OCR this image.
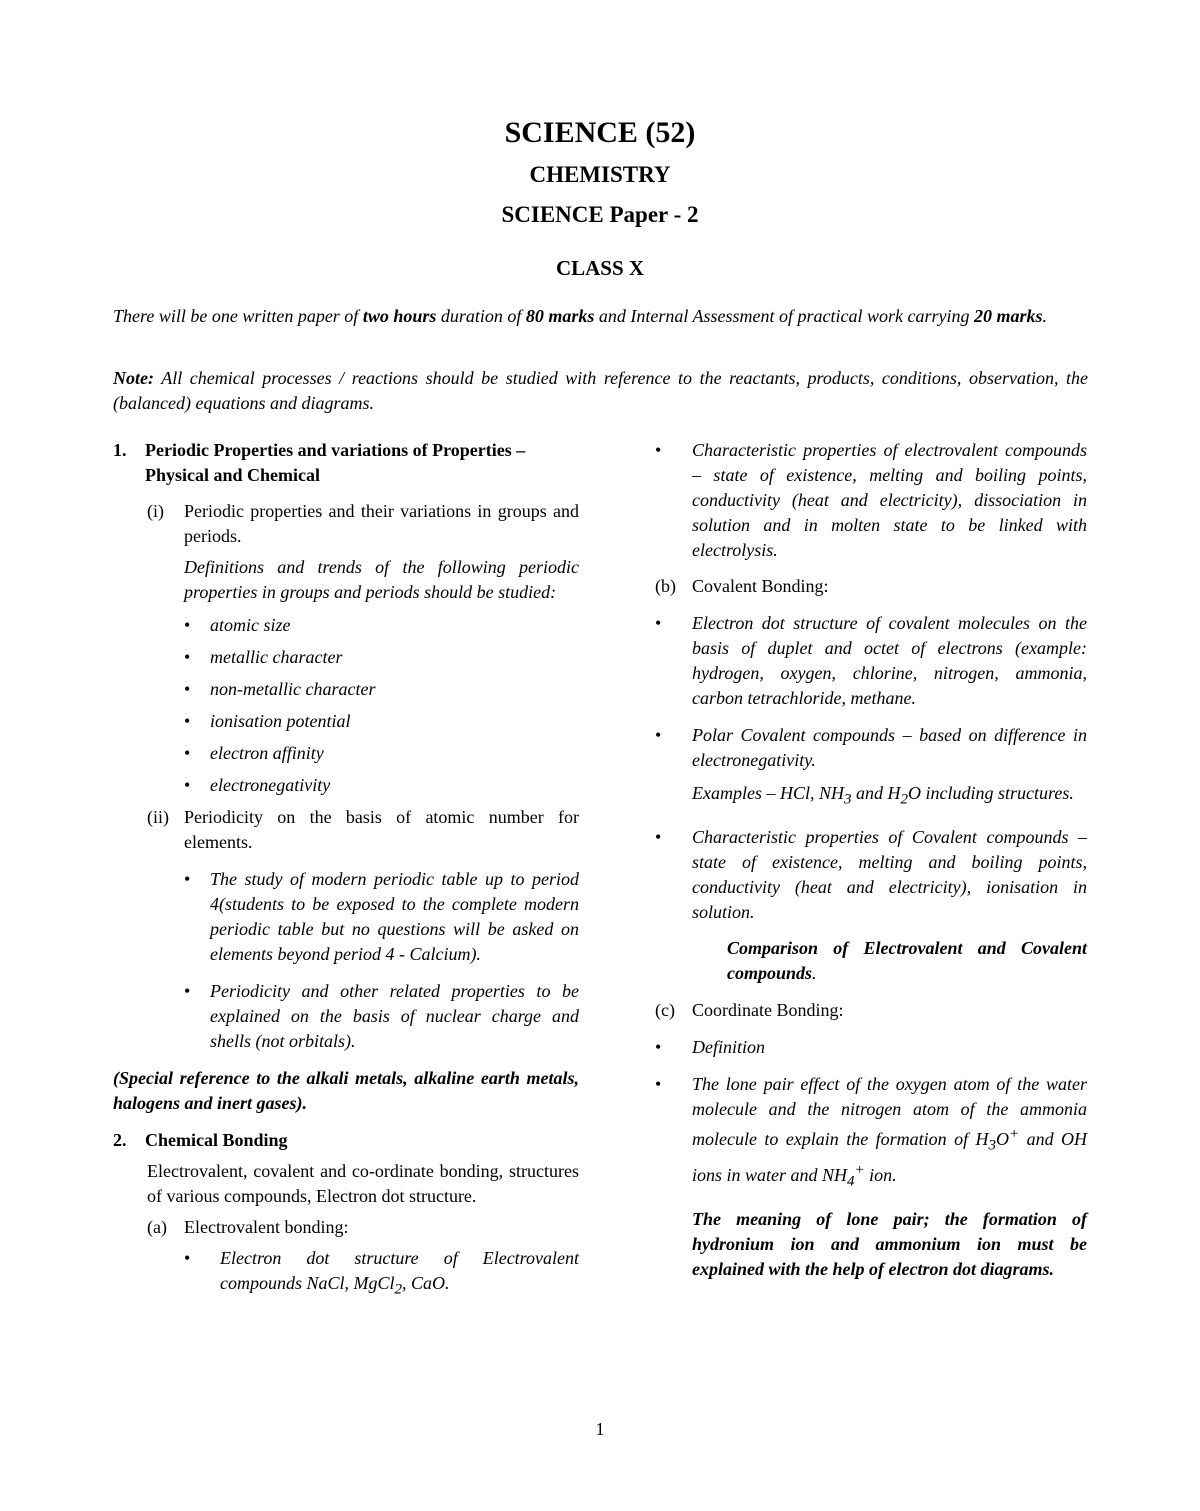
SCIENCE (52)
CHEMISTRY
SCIENCE Paper - 2
CLASS X
There will be one written paper of two hours duration of 80 marks and Internal Assessment of practical work carrying 20 marks.
Note: All chemical processes / reactions should be studied with reference to the reactants, products, conditions, observation, the (balanced) equations and diagrams.
1.	Periodic Properties and variations of Properties – Physical and Chemical
(i)	Periodic properties and their variations in groups and periods.
Definitions and trends of the following periodic properties in groups and periods should be studied:
•	atomic size
•	metallic character
•	non-metallic character
•	ionisation potential
•	electron affinity
•	electronegativity
(ii) Periodicity on the basis of atomic number for elements.
•	The study of modern periodic table up to period 4(students to be exposed to the complete modern periodic table but no questions will be asked on elements beyond period 4 - Calcium).
•	Periodicity and other related properties to be explained on the basis of nuclear charge and shells (not orbitals).
(Special reference to the alkali metals, alkaline earth metals, halogens and inert gases).
2.	Chemical Bonding
Electrovalent, covalent and co-ordinate bonding, structures of various compounds, Electron dot structure.
(a) Electrovalent bonding:
•	Electron dot structure of Electrovalent compounds NaCl, MgCl$_2$, CaO.
•	Characteristic properties of electrovalent compounds – state of existence, melting and boiling points, conductivity (heat and electricity), dissociation in solution and in molten state to be linked with electrolysis.
(b) Covalent Bonding:
•	Electron dot structure of covalent molecules on the basis of duplet and octet of electrons (example: hydrogen, oxygen, chlorine, nitrogen, ammonia, carbon tetrachloride, methane.
•	Polar Covalent compounds – based on difference in electronegativity.
Examples – HCl, $NH_3$ and $H_2O$ including structures.
•	Characteristic properties of Covalent compounds – state of existence, melting and boiling points, conductivity (heat and electricity), ionisation in solution.
Comparison of Electrovalent and Covalent compounds.
(c) Coordinate Bonding:
•	Definition
•	The lone pair effect of the oxygen atom of the water molecule and the nitrogen atom of the ammonia molecule to explain the formation of $H_3O^+$ and OH ions in water and $NH_4^+$ ion.
The meaning of lone pair; the formation of hydronium ion and ammonium ion must be explained with the help of electron dot diagrams.
1
